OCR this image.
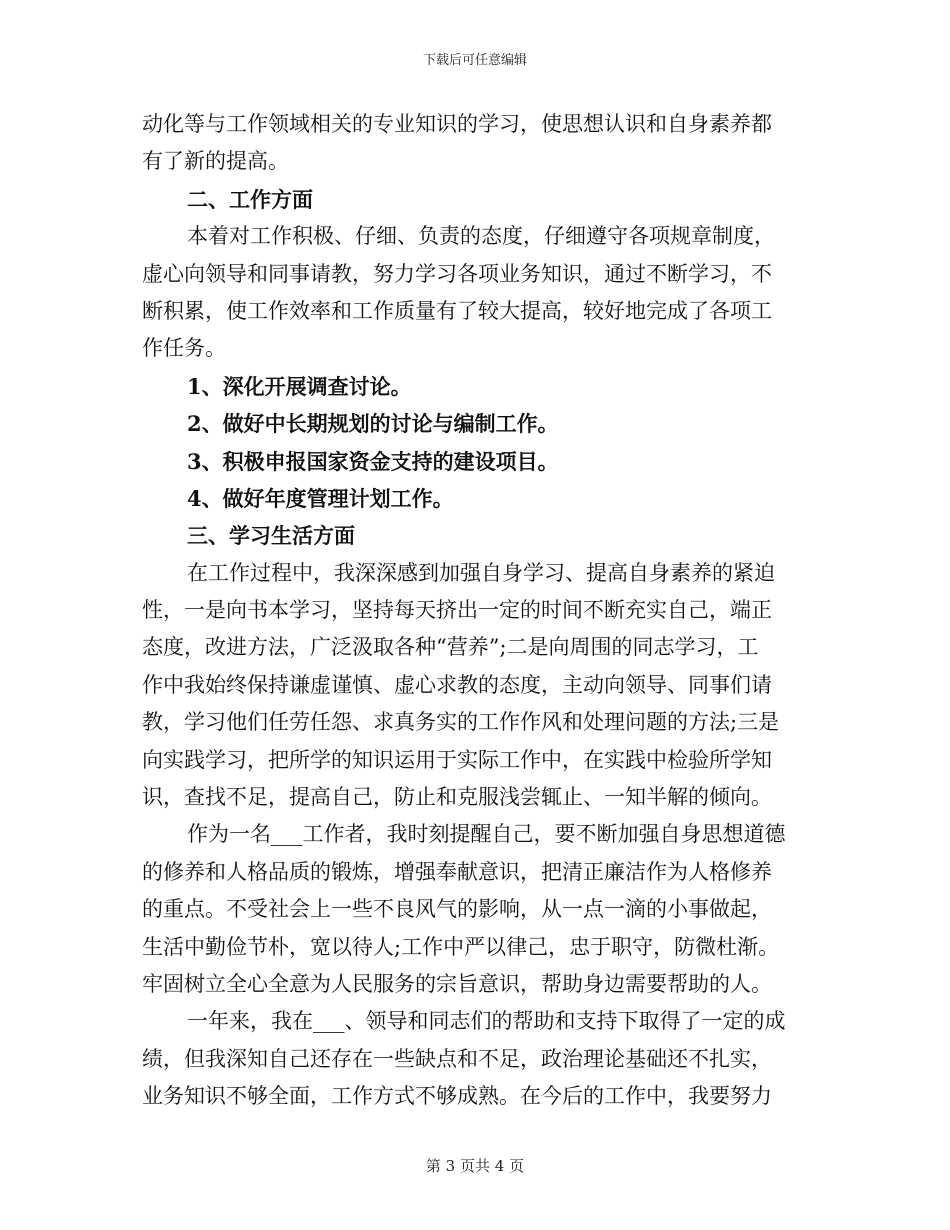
下载后可任意编辑
动化等与工作领域相关的专业知识的学习，使思想认识和自身素养都
有了新的提高。
二、工作方面
本着对工作积极、仔细、负责的态度，仔细遵守各项规章制度，
虚心向领导和同事请教，努力学习各项业务知识，通过不断学习，不
断积累，使工作效率和工作质量有了较大提高，较好地完成了各项工
作任务。
1、深化开展调查讨论。
2、做好中长期规划的讨论与编制工作。
3、积极申报国家资金支持的建设项目。
4、做好年度管理计划工作。
三、学习生活方面
在工作过程中，我深深感到加强自身学习、提高自身素养的紧迫
性，一是向书本学习，坚持每天挤出一定的时间不断充实自己，端正
态度，改进方法，广泛汲取各种“营养”;二是向周围的同志学习，工
作中我始终保持谦虚谨慎、虚心求教的态度，主动向领导、同事们请
教，学习他们任劳任怨、求真务实的工作作风和处理问题的方法;三是
向实践学习，把所学的知识运用于实际工作中，在实践中检验所学知
识，查找不足，提高自己，防止和克服浅尝辄止、一知半解的倾向。
作为一名___工作者，我时刻提醒自己，要不断加强自身思想道德
的修养和人格品质的锻炼，增强奉献意识，把清正廉洁作为人格修养
的重点。不受社会上一些不良风气的影响，从一点一滴的小事做起，
生活中勤俭节朴，宽以待人;工作中严以律己，忠于职守，防微杜渐。
牢固树立全心全意为人民服务的宗旨意识，帮助身边需要帮助的人。
一年来，我在___、领导和同志们的帮助和支持下取得了一定的成
绩，但我深知自己还存在一些缺点和不足，政治理论基础还不扎实，
业务知识不够全面，工作方式不够成熟。在今后的工作中，我要努力
第 3 页共 4 页
